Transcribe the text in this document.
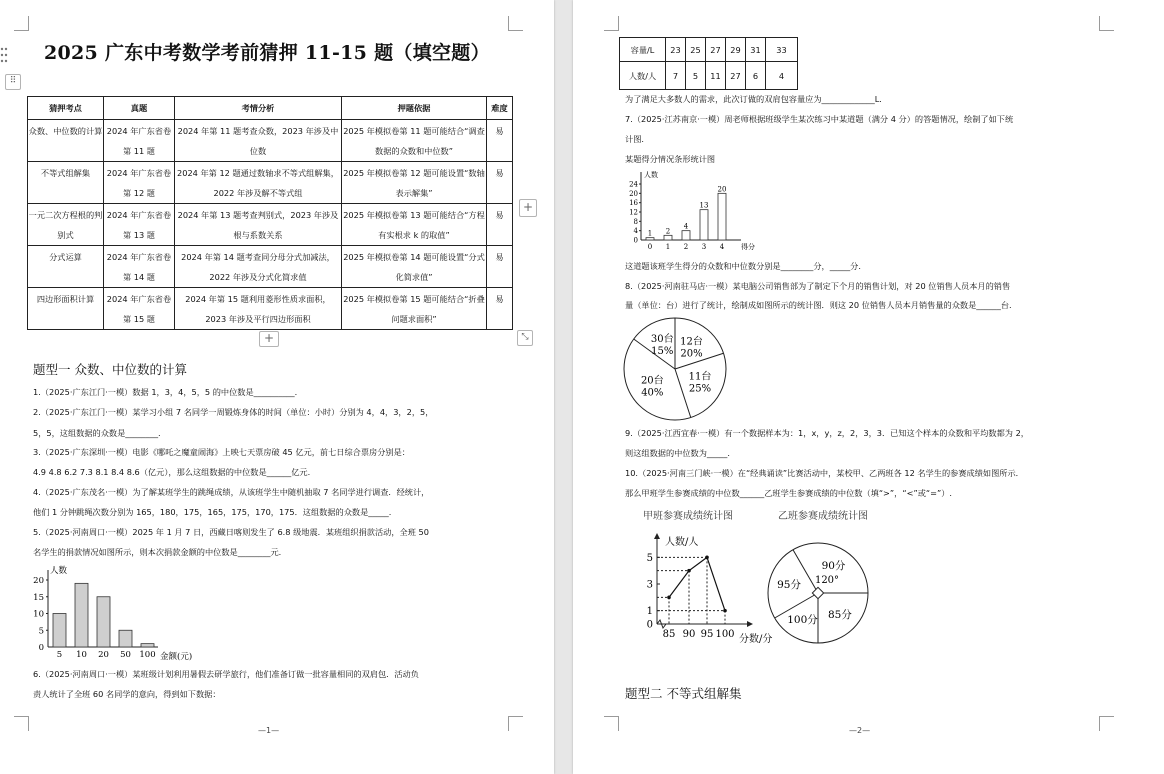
2025 广东中考数学考前猜押 11-15 题（填空题）
⠿
猜押考点	真题	考情分析	押题依据	难度

众数、中位数的计算	2024 年广东省卷第 11 题	2024 年第 11 题考查众数，2023 年涉及中位数	2025 年模拟卷第 11 题可能结合“调查数据的众数和中位数”	易

不等式组解集	2024 年广东省卷第 12 题	2024 年第 12 题通过数轴求不等式组解集，2022 年涉及解不等式组	2025 年模拟卷第 12 题可能设置“数轴表示解集”	易

一元二次方程根的判别式	2024 年广东省卷第 13 题	2024 年第 13 题考查判别式，2023 年涉及根与系数关系	2025 年模拟卷第 13 题可能结合“方程有实根求 k 的取值”	易

分式运算	2024 年广东省卷第 14 题	2024 年第 14 题考查同分母分式加减法，2022 年涉及分式化简求值	2025 年模拟卷第 14 题可能设置“分式化简求值”	易

四边形面积计算	2024 年广东省卷第 15 题	2024 年第 15 题利用菱形性质求面积，2023 年涉及平行四边形面积	2025 年模拟卷第 15 题可能结合“折叠问题求面积”	易
+
+	⤡
题型一 众数、中位数的计算
1.（2025·广东江门·一模）数据 1，3，4，5，5 的中位数是__________.
2.（2025·广东江门·一模）某学习小组 7 名同学一周锻炼身体的时间（单位：小时）分别为 4，4，3，2，5，
5，5，这组数据的众数是________.
3.（2025·广东深圳·一模）电影《哪吒之魔童闹海》上映七天票房破 45 亿元，前七日综合票房分别是：
4.9 4.8 6.2 7.3 8.1 8.4 8.6（亿元），那么这组数据的中位数是______亿元.
4.（2025·广东茂名·一模）为了解某班学生的跳绳成绩，从该班学生中随机抽取 7 名同学进行调查．经统计，
他们 1 分钟跳绳次数分别为 165，180，175，165，175，170，175．这组数据的众数是_____.
5.（2025·河南周口·一模）2025 年 1 月 7 日，西藏日喀则发生了 6.8 级地震．某班组织捐款活动，全班 50
名学生的捐款情况如图所示，则本次捐款金额的中位数是________元.
人数
金额(元)
0
5
10
15
20
5 10 20 50 100
6.（2025·河南周口·一模）某班级计划利用暑假去研学旅行，他们准备订做一批容量相同的双肩包．活动负
责人统计了全班 60 名同学的意向，得到如下数据：
—1—
容量/L	23	25	27	29	31	33
人数/人	7	5	11	27	6	4
为了满足大多数人的需求，此次订做的双肩包容量应为_____________L.
7.（2025·江苏南京·一模）周老师根据班级学生某次练习中某道题（满分 4 分）的答题情况，绘制了如下统
计图.
某题得分情况条形统计图
人数
得分
0
4
8
12
16
20
24
1
0
2
1
4
2
13
3
20
4
这道题该班学生得分的众数和中位数分别是________分，_____分.
8.（2025·河南驻马店·一模）某电脑公司销售部为了制定下个月的销售计划，对 20 位销售人员本月的销售
量（单位：台）进行了统计，绘制成如图所示的统计图．则这 20 位销售人员本月销售量的众数是______台.
30台
15%
12台
20%
11台
25%
20台
40%
9.（2025·江西宜春·一模）有一个数据样本为：1，x，y，z，2，3，3．已知这个样本的众数和平均数都为 2，
则这组数据的中位数为_____.
10.（2025·河南三门峡·一模）在“经典诵读”比赛活动中，某校甲、乙两班各 12 名学生的参赛成绩如图所示．
那么甲班学生参赛成绩的中位数______乙班学生参赛成绩的中位数（填“>”，“<”或“=”）.
甲班参赛成绩统计图	乙班参赛成绩统计图
人数/人
分数/分
0
1
3
5
85 90 95 100
90分
85分
100分
95分 120°
题型二 不等式组解集
—2—
